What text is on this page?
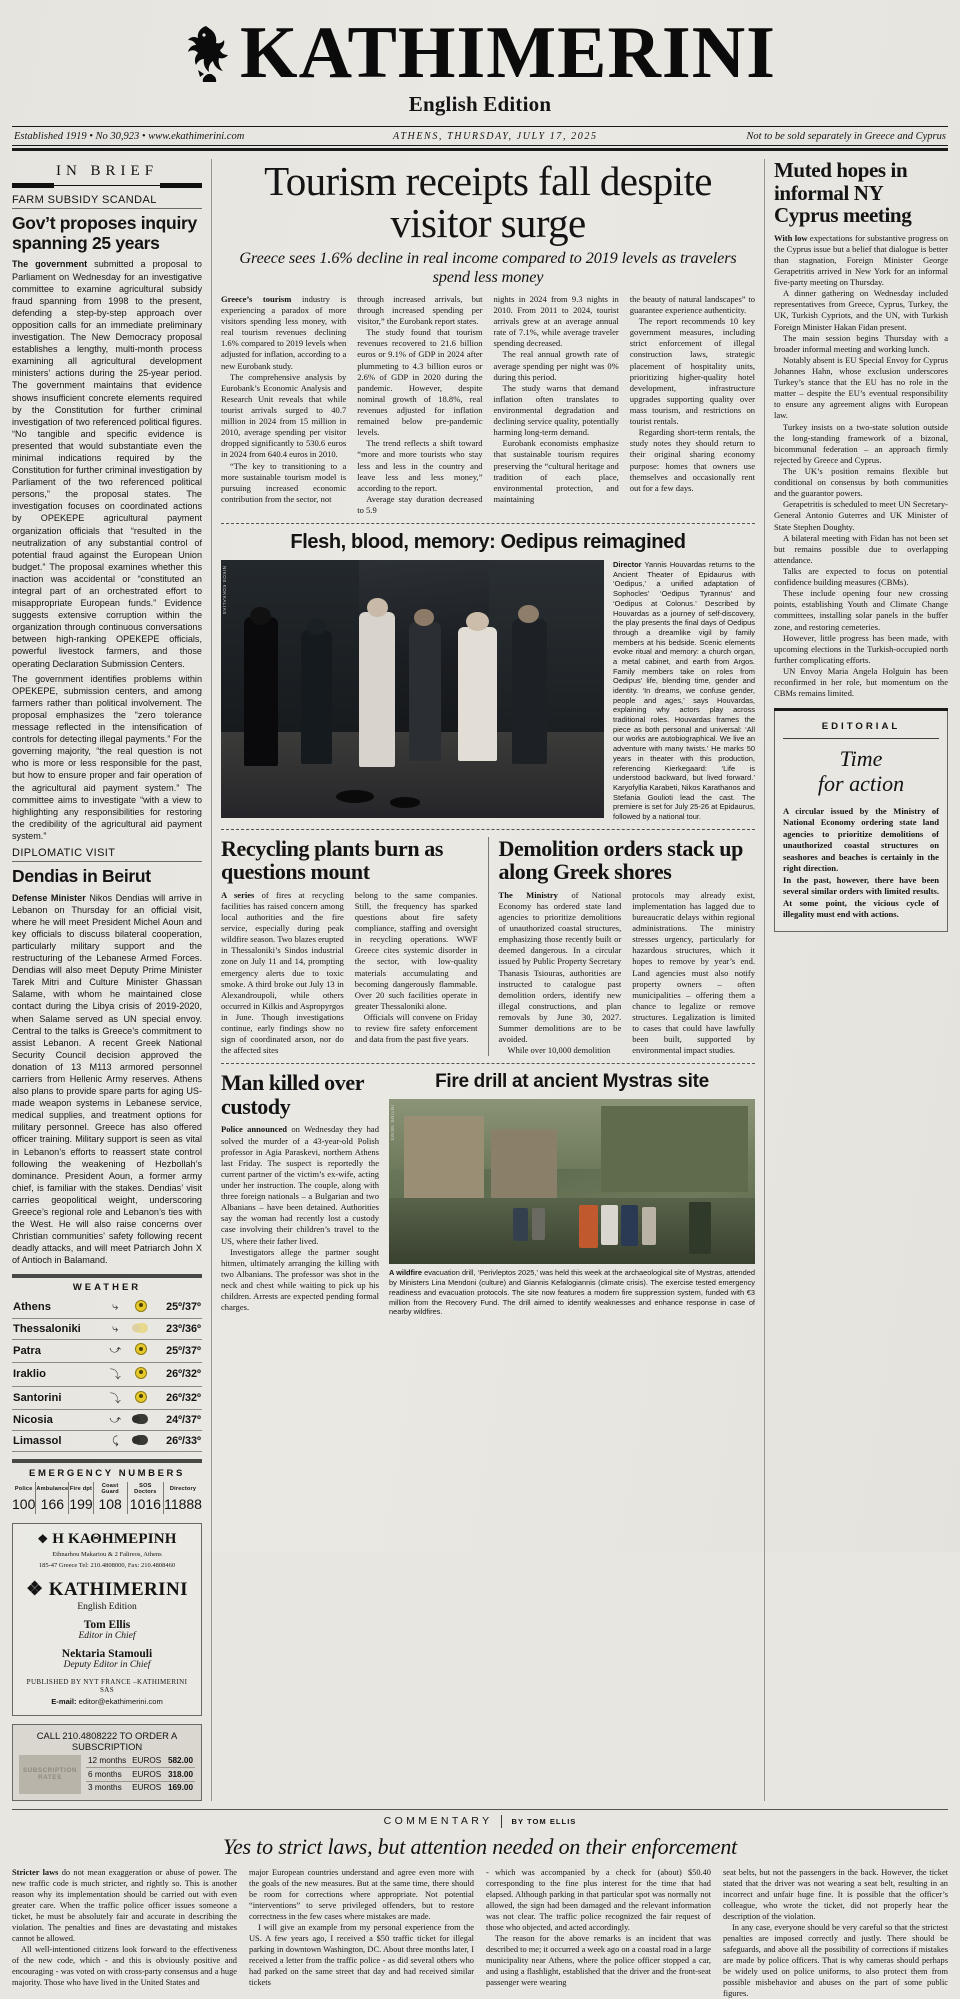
KATHIMERINI
English Edition
Established 1919 • No 30,923 • www.ekathimerini.com	ATHENS, THURSDAY, JULY 17, 2025	Not to be sold separately in Greece and Cyprus
IN BRIEF
FARM SUBSIDY SCANDAL
Gov’t proposes inquiry spanning 25 years

The government submitted a proposal to Parliament on Wednesday for an investigative committee to examine agricultural subsidy fraud spanning from 1998 to the present, defending a step-by-step approach over opposition calls for an immediate preliminary investigation. The New Democracy proposal establishes a lengthy, multi-month process examining all agricultural development ministers’ actions during the 25-year period. The government maintains that evidence shows insufficient concrete elements required by the Constitution for further criminal investigation of two referenced political figures. “No tangible and specific evidence is presented that would substantiate even the minimal indications required by the Constitution for further criminal investigation by Parliament of the two referenced political persons,” the proposal states. The investigation focuses on coordinated actions by OPEKEPE agricultural payment organization officials that “resulted in the neutralization of any substantial control of potential fraud against the European Union budget.” The proposal examines whether this inaction was accidental or “constituted an integral part of an orchestrated effort to misappropriate European funds.” Evidence suggests extensive corruption within the organization through continuous conversations between high-ranking OPEKEPE officials, powerful livestock farmers, and those operating Declaration Submission Centers.

The government identifies problems within OPEKEPE, submission centers, and among farmers rather than political involvement. The proposal emphasizes the “zero tolerance message reflected in the intensification of controls for detecting illegal payments.” For the governing majority, “the real question is not who is more or less responsible for the past, but how to ensure proper and fair operation of the agricultural aid payment system.” The committee aims to investigate “with a view to highlighting any responsibilities for restoring the credibility of the agricultural aid payment system.”

DIPLOMATIC VISIT
Dendias in Beirut

Defense Minister Nikos Dendias will arrive in Lebanon on Thursday for an official visit, where he will meet President Michel Aoun and key officials to discuss bilateral cooperation, particularly military support and the restructuring of the Lebanese Armed Forces. Dendias will also meet Deputy Prime Minister Tarek Mitri and Culture Minister Ghassan Salame, with whom he maintained close contact during the Libya crisis of 2019-2020, when Salame served as UN special envoy. Central to the talks is Greece’s commitment to assist Lebanon. A recent Greek National Security Council decision approved the donation of 13 M113 armored personnel carriers from Hellenic Army reserves. Athens also plans to provide spare parts for aging US-made weapon systems in Lebanese service, medical supplies, and treatment options for military personnel. Greece has also offered officer training. Military support is seen as vital in Lebanon’s efforts to reassert state control following the weakening of Hezbollah’s dominance. President Aoun, a former army chief, is familiar with the stakes. Dendias’ visit carries geopolitical weight, underscoring Greece’s regional role and Lebanon’s ties with the West. He will also raise concerns over Christian communities’ safety following recent deadly attacks, and will meet Patriarch John X of Antioch in Balamand.

WEATHER
Athens	⤷		25º/37º
Thessaloniki	⤷		23º/36º
Patra	⤻		25º/37º
Iraklio	⤵		26º/32º
Santorini	⤵		26º/32º
Nicosia	⤻		24º/37º
Limassol	⤹		26º/33º
EMERGENCY NUMBERS
Police	Ambulance	Fire dpt	Coast Guard	SOS Doctors	Directory
100	166	199	108	1016	11888
❖ Η ΚΑΘΗΜΕΡΙΝΗ
Ethnarhou Makariou & 2 Falirеos, Athens
185-47 Greece Tel: 210.4808000, Fax: 210.4808460
❖ KATHIMERINI
English Edition
Tom Ellis
Editor in Chief
Nektaria Stamouli
Deputy Editor in Chief
PUBLISHED BY NYT FRANCE –KATHIMERINI SAS
E-mail: editor@ekathimerini.com
CALL 210.4808222 TO ORDER A SUBSCRIPTION
SUBSCRIPTION
RATES
12 months	EUROS	582.00
6 months	EUROS	318.00
3 months	EUROS	169.00
Tourism receipts fall despite visitor surge
Greece sees 1.6% decline in real income compared to 2019 levels as travelers spend less money

Greece’s tourism industry is experiencing a paradox of more visitors spending less money, with real tourism revenues declining 1.6% compared to 2019 levels when adjusted for inflation, according to a new Eurobank study.

The comprehensive analysis by Eurobank’s Economic Analysis and Research Unit reveals that while tourist arrivals surged to 40.7 million in 2024 from 15 million in 2010, average spending per visitor dropped significantly to 530.6 euros in 2024 from 640.4 euros in 2010.

“The key to transitioning to a more sustainable tourism model is pursuing increased economic contribution from the sector, not

through increased arrivals, but through increased spending per visitor,” the Eurobank report states.

The study found that tourism revenues recovered to 21.6 billion euros or 9.1% of GDP in 2024 after plummeting to 4.3 billion euros or 2.6% of GDP in 2020 during the pandemic. However, despite nominal growth of 18.8%, real revenues adjusted for inflation remained below pre-pandemic levels.

The trend reflects a shift toward “more and more tourists who stay less and less in the country and leave less and less money,” according to the report.

Average stay duration decreased to 5.9

nights in 2024 from 9.3 nights in 2010. From 2011 to 2024, tourist arrivals grew at an average annual rate of 7.1%, while average traveler spending decreased.

The real annual growth rate of average spending per night was 0% during this period.

The study warns that demand inflation often translates to environmental degradation and declining service quality, potentially harming long-term demand.

Eurobank economists emphasize that sustainable tourism requires preserving the “cultural heritage and tradition of each place, environmental protection, and maintaining

the beauty of natural landscapes” to guarantee experience authenticity.

The report recommends 10 key government measures, including strict enforcement of illegal construction laws, strategic placement of hospitality units, prioritizing higher-quality hotel development, infrastructure upgrades supporting quality over mass tourism, and restrictions on tourist rentals.

Regarding short-term rentals, the study notes they should return to their original sharing economy purpose: homes that owners use themselves and occasionally rent out for a few days.

Flesh, blood, memory: Oedipus reimagined
NIKOS KOKKALIAS
Director Yannis Houvardas returns to the Ancient Theater of Epidaurus with ‘Oedipus,’ a unified adaptation of Sophocles’ ‘Oedipus Tyrannus’ and ‘Oedipus at Colonus.’ Described by Houvardas as a journey of self-discovery, the play presents the final days of Oedipus through a dreamlike vigil by family members at his bedside. Scenic elements evoke ritual and memory: a church organ, a metal cabinet, and earth from Argos. Family members take on roles from Oedipus’ life, blending time, gender and identity. ‘In dreams, we confuse gender, people and ages,’ says Houvardas, explaining why actors play across traditional roles. Houvardas frames the piece as both personal and universal: ‘All our works are autobiographical. We live an adventure with many twists.’ He marks 50 years in theater with this production, referencing Kierkegaard: ‘Life is understood backward, but lived forward.’ Karyofyllia Karabeti, Nikos Karathanos and Stefania Goulioti lead the cast. The premiere is set for July 25-26 at Epidaurus, followed by a national tour.
Recycling plants burn as questions mount

A series of fires at recycling facilities has raised concern among local authorities and the fire service, especially during peak wildfire season. Two blazes erupted in Thessaloniki’s Sindos industrial zone on July 11 and 14, prompting emergency alerts due to toxic smoke. A third broke out July 13 in Alexandroupoli, while others occurred in Kilkis and Aspropyrgos in June. Though investigations continue, early findings show no sign of coordinated arson, nor do the affected sites

belong to the same companies. Still, the frequency has sparked questions about fire safety compliance, staffing and oversight in recycling operations. WWF Greece cites systemic disorder in the sector, with low-quality materials accumulating and becoming dangerously flammable. Over 20 such facilities operate in greater Thessaloniki alone.

Officials will convene on Friday to review fire safety enforcement and data from the past five years.

Demolition orders stack up along Greek shores

The Ministry of National Economy has ordered state land agencies to prioritize demolitions of unauthorized coastal structures, emphasizing those recently built or deemed dangerous. In a circular issued by Public Property Secretary Thanasis Tsiouras, authorities are instructed to catalogue past demolition orders, identify new illegal constructions, and plan removals by June 30, 2027. Summer demolitions are to be avoided.

While over 10,000 demolition

protocols may already exist, implementation has lagged due to bureaucratic delays within regional administrations. The ministry stresses urgency, particularly for hazardous structures, which it hopes to remove by year’s end. Land agencies must also notify property owners – often municipalities – offering them a chance to legalize or remove structures. Legalization is limited to cases that could have lawfully been built, supported by environmental impact studies.

Man killed over custody

Police announced on Wednesday they had solved the murder of a 43-year-old Polish professor in Agia Paraskevi, northern Athens last Friday. The suspect is reportedly the current partner of the victim’s ex-wife, acting under her instruction. The couple, along with three foreign nationals – a Bulgarian and two Albanians – have been detained. Authorities say the woman had recently lost a custody case involving their children’s travel to the US, where their father lived.

Investigators allege the partner sought hitmen, ultimately arranging the killing with two Albanians. The professor was shot in the neck and chest while waiting to pick up his children. Arrests are expected pending formal charges.

Fire drill at ancient Mystras site
INTIME NEWS
A wildfire evacuation drill, ‘Perivleptos 2025,’ was held this week at the archaeological site of Mystras, attended by Ministers Lina Mendoni (culture) and Giannis Kefalogiannis (climate crisis). The exercise tested emergency readiness and evacuation protocols. The site now features a modern fire suppression system, funded with €3 million from the Recovery Fund. The drill aimed to identify weaknesses and enhance response in case of nearby wildfires.
Muted hopes in informal NY Cyprus meeting

With low expectations for substantive progress on the Cyprus issue but a belief that dialogue is better than stagnation, Foreign Minister George Gerapetritis arrived in New York for an informal five-party meeting on Thursday.

A dinner gathering on Wednesday included representatives from Greece, Cyprus, Turkey, the UK, Turkish Cypriots, and the UN, with Turkish Foreign Minister Hakan Fidan present.

The main session begins Thursday with a broader informal meeting and working lunch.

Notably absent is EU Special Envoy for Cyprus Johannes Hahn, whose exclusion underscores Turkey’s stance that the EU has no role in the matter – despite the EU’s eventual responsibility to ensure any agreement aligns with European law.

Turkey insists on a two-state solution outside the long-standing framework of a bizonal, bicommunal federation – an approach firmly rejected by Greece and Cyprus.

The UK’s position remains flexible but conditional on consensus by both communities and the guarantor powers.

Gerapetritis is scheduled to meet UN Secretary-General Antonio Guterres and UK Minister of State Stephen Doughty.

A bilateral meeting with Fidan has not been set but remains possible due to overlapping attendance.

Talks are expected to focus on potential confidence building measures (CBMs).

These include opening four new crossing points, establishing Youth and Climate Change committees, installing solar panels in the buffer zone, and restoring cemeteries.

However, little progress has been made, with upcoming elections in the Turkish-occupied north further complicating efforts.

UN Envoy Maria Angela Holguin has been reconfirmed in her role, but momentum on the CBMs remains limited.

EDITORIAL
Time
for action

A circular issued by the Ministry of National Economy ordering state land agencies to prioritize demolitions of unauthorized coastal structures on seashores and beaches is certainly in the right direction.

In the past, however, there have been several similar orders with limited results. At some point, the vicious cycle of illegality must end with actions.

COMMENTARY	BY TOM ELLIS
Yes to strict laws, but attention needed on their enforcement

Stricter laws do not mean exaggeration or abuse of power. The new traffic code is much stricter, and rightly so. This is another reason why its implementation should be carried out with even greater care. When the traffic police officer issues someone a ticket, he must be absolutely fair and accurate in describing the violation. The penalties and fines are devastating and mistakes cannot be allowed.

All well-intentioned citizens look forward to the effectiveness of the new code, which - and this is obviously positive and encouraging - was voted on with cross-party consensus and a huge majority. Those who have lived in the United States and

major European countries understand and agree even more with the goals of the new measures. But at the same time, there should be room for corrections where appropriate. Not potential “interventions” to serve privileged offenders, but to restore correctness in the few cases where mistakes are made.

I will give an example from my personal experience from the US. A few years ago, I received a $50 traffic ticket for illegal parking in downtown Washington, DC. About three months later, I received a letter from the traffic police - as did several others who had parked on the same street that day and had received similar tickets

- which was accompanied by a check for (about) $50.40 corresponding to the fine plus interest for the time that had elapsed. Although parking in that particular spot was normally not allowed, the sign had been damaged and the relevant information was not clear. The traffic police recognized the fair request of those who objected, and acted accordingly.

The reason for the above remarks is an incident that was described to me; it occurred a week ago on a coastal road in a large municipality near Athens, where the police officer stopped a car, and using a flashlight, established that the driver and the front-seat passenger were wearing

seat belts, but not the passengers in the back. However, the ticket stated that the driver was not wearing a seat belt, resulting in an incorrect and unfair huge fine. It is possible that the officer’s colleague, who wrote the ticket, did not properly hear the description of the violation.

In any case, everyone should be very careful so that the strictest penalties are imposed correctly and justly. There should be safeguards, and above all the possibility of corrections if mistakes are made by police officers. That is why cameras should perhaps be widely used on police uniforms, to also protect them from possible misbehavior and abuses on the part of some public figures.
